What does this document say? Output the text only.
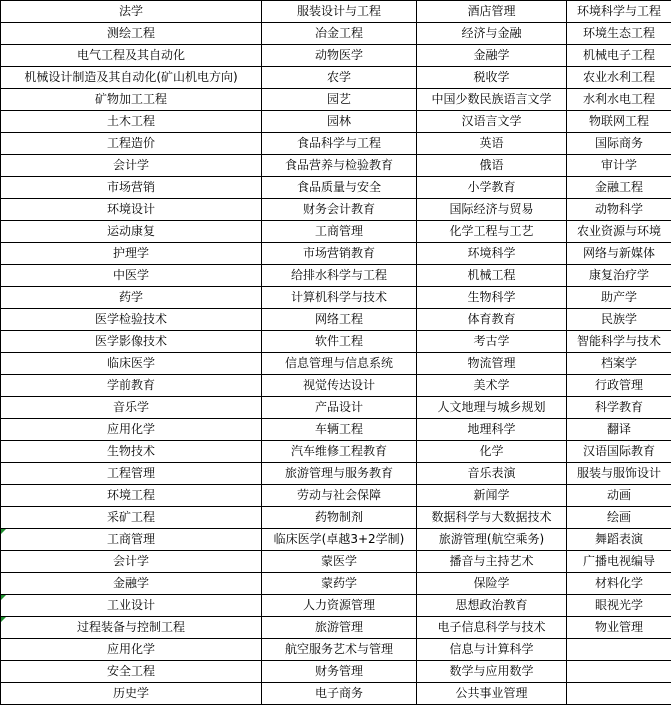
法学	服装设计与工程	酒店管理	环境科学与工程
测绘工程	冶金工程	经济与金融	环境生态工程
电气工程及其自动化	动物医学	金融学	机械电子工程
机械设计制造及其自动化(矿山机电方向)	农学	税收学	农业水利工程
矿物加工工程	园艺	中国少数民族语言文学	水利水电工程
土木工程	园林	汉语言文学	物联网工程
工程造价	食品科学与工程	英语	国际商务
会计学	食品营养与检验教育	俄语	审计学
市场营销	食品质量与安全	小学教育	金融工程
环境设计	财务会计教育	国际经济与贸易	动物科学
运动康复	工商管理	化学工程与工艺	农业资源与环境
护理学	市场营销教育	环境科学	网络与新媒体
中医学	给排水科学与工程	机械工程	康复治疗学
药学	计算机科学与技术	生物科学	助产学
医学检验技术	网络工程	体育教育	民族学
医学影像技术	软件工程	考古学	智能科学与技术
临床医学	信息管理与信息系统	物流管理	档案学
学前教育	视觉传达设计	美术学	行政管理
音乐学	产品设计	人文地理与城乡规划	科学教育
应用化学	车辆工程	地理科学	翻译
生物技术	汽车维修工程教育	化学	汉语国际教育
工程管理	旅游管理与服务教育	音乐表演	服装与服饰设计
环境工程	劳动与社会保障	新闻学	动画
采矿工程	药物制剂	数据科学与大数据技术	绘画
工商管理	临床医学(卓越3+2学制)	旅游管理(航空乘务)	舞蹈表演
会计学	蒙医学	播音与主持艺术	广播电视编导
金融学	蒙药学	保险学	材料化学
工业设计	人力资源管理	思想政治教育	眼视光学
过程装备与控制工程	旅游管理	电子信息科学与技术	物业管理
应用化学	航空服务艺术与管理	信息与计算科学	
安全工程	财务管理	数学与应用数学	
历史学	电子商务	公共事业管理	
